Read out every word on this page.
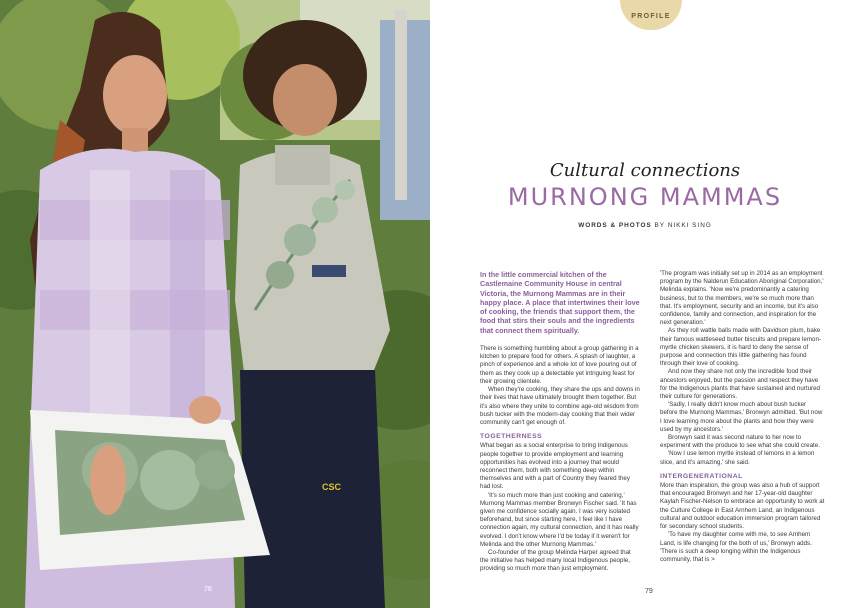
CSC
78
PROFILE
Cultural connections
MURNONG MAMMAS
WORDS & PHOTOS BY NIKKI SING

In the little commercial kitchen of the Castlemaine Community House in central Victoria, the Murnong Mammas are in their happy place. A place that intertwines their love of cooking, the friends that support them, the food that stirs their souls and the ingredients that connect them spiritually.

There is something humbling about a group gathering in a kitchen to prepare food for others. A splash of laughter, a pinch of experience and a whole lot of love pouring out of them as they cook up a delectable yet intriguing feast for their growing clientele.

When they're cooking, they share the ups and downs in their lives that have ultimately brought them together. But it's also where they unite to combine age-old wisdom from bush tucker with the modern-day cooking that their wider community can't get enough of.

TOGETHERNESS

What began as a social enterprise to bring Indigenous people together to provide employment and learning opportunities has evolved into a journey that would reconnect them, both with something deep within themselves and with a part of Country they feared they had lost.

'It's so much more than just cooking and catering,' Murnong Mammas member Bronwyn Fischer said. 'It has given me confidence socially again. I was very isolated beforehand, but since starting here, I feel like I have connection again, my cultural connection, and it has really evolved. I don't know where I'd be today if it weren't for Melinda and the other Murnong Mammas.'

Co-founder of the group Melinda Harper agreed that the initiative has helped many local Indigenous people, providing so much more than just employment.

'The program was initially set up in 2014 as an employment program by the Nalderun Education Aboriginal Corporation,' Melinda explains. 'Now we're predominantly a catering business, but to the members, we're so much more than that. It's employment, security and an income, but it's also confidence, family and connection, and inspiration for the next generation.'

As they roll wattle balls made with Davidson plum, bake their famous wattleseed butter biscuits and prepare lemon-myrtle chicken skewers, it is hard to deny the sense of purpose and connection this little gathering has found through their love of cooking.

And now they share not only the incredible food their ancestors enjoyed, but the passion and respect they have for the Indigenous plants that have sustained and nurtured their culture for generations.

'Sadly, I really didn't know much about bush tucker before the Murnong Mammas,' Bronwyn admitted. 'But now I love learning more about the plants and how they were used by my ancestors.'

Bronwyn said it was second nature to her now to experiment with the produce to see what she could create.

'Now I use lemon myrtle instead of lemons in a lemon slice, and it's amazing,' she said.

INTERGENERATIONAL

More than inspiration, the group was also a hub of support that encouraged Bronwyn and her 17-year-old daughter Kaylah Fischer-Nelson to embrace an opportunity to work at the Culture College in East Arnhem Land, an Indigenous cultural and outdoor education immersion program tailored for secondary school students.

'To have my daughter come with me, to see Arnhem Land, is life changing for the both of us,' Bronwyn adds. 'There is such a deep longing within the Indigenous community, that is >

79
